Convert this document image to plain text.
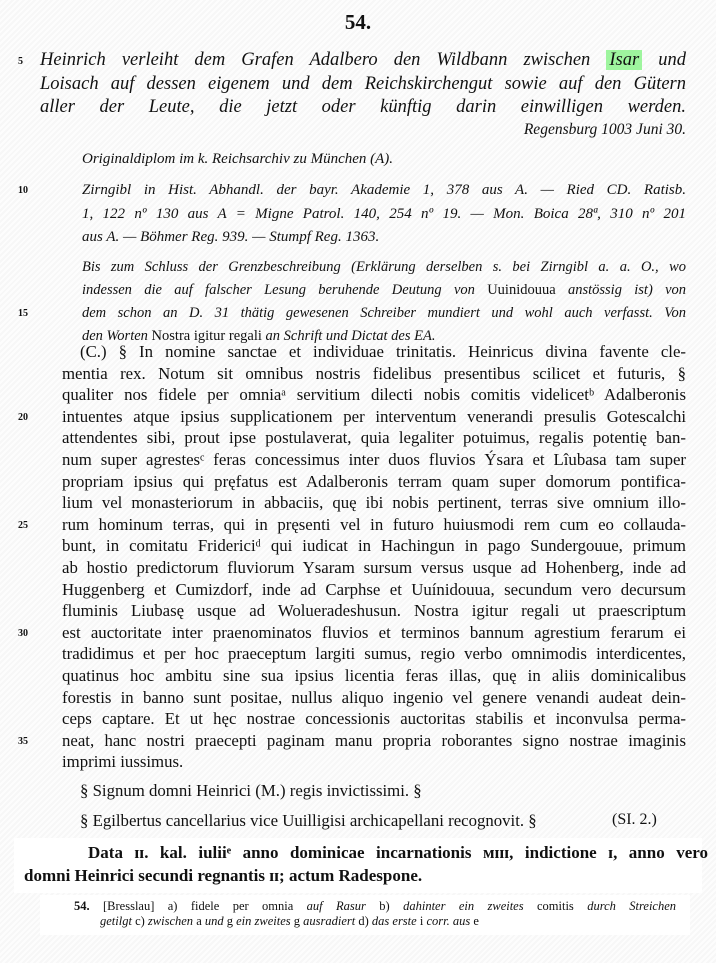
54.
Heinrich verleiht dem Grafen Adalbero den Wildbann zwischen Isar und
5
Loisach auf dessen eigenem und dem Reichskirchengut sowie auf den Gütern
aller der Leute, die jetzt oder künftig darin einwilligen werden.
Regensburg 1003 Juni 30.
Originaldiplom im k. Reichsarchiv zu München (A).
Zirngibl in Hist. Abhandl. der bayr. Akademie 1, 378 aus A. — Ried CD. Ratisb.
10
1, 122 nº 130 aus A = Migne Patrol. 140, 254 nº 19. — Mon. Boica 28ª, 310 nº 201
aus A. — Böhmer Reg. 939. — Stumpf Reg. 1363.
Bis zum Schluss der Grenzbeschreibung (Erklärung derselben s. bei Zirngibl a. a. O., wo
indessen die auf falscher Lesung beruhende Deutung von Uuinidouua anstössig ist) von
dem schon an D. 31 thätig gewesenen Schreiber mundiert und wohl auch verfasst. Von
15
den Worten Nostra igitur regali an Schrift und Dictat des EA.
(C.) § In nomine sanctae et individuae trinitatis. Heinricus divina favente cle-
mentia rex. Notum sit omnibus nostris fidelibus presentibus scilicet et futuris, §
qualiter nos fidele per omniaᵃ servitium dilecti nobis comitis videlicetᵇ Adalberonis
intuentes atque ipsius supplicationem per interventum venerandi presulis Gotescalchi
20
attendentes sibi, prout ipse postulaverat, quia legaliter potuimus, regalis potentię ban-
num super agrestesᶜ feras concessimus inter duos fluvios Ýsara et Lîubasa tam super
propriam ipsius qui pręfatus est Adalberonis terram quam super domorum pontifica-
lium vel monasteriorum in abbaciis, quę ibi nobis pertinent, terras sive omnium illo-
rum hominum terras, qui in pręsenti vel in futuro huiusmodi rem cum eo collauda-
25
bunt, in comitatu Fridericiᵈ qui iudicat in Hachingun in pago Sundergouue, primum
ab hostio predictorum fluviorum Ysaram sursum versus usque ad Hohenberg, inde ad
Huggenberg et Cumizdorf, inde ad Carphse et Uuínidouua, secundum vero decursum
fluminis Liubasę usque ad Wolueradeshusun. Nostra igitur regali ut praescriptum
est auctoritate inter praenominatos fluvios et terminos bannum agrestium ferarum ei
30
tradidimus et per hoc praeceptum largiti sumus, regio verbo omnimodis interdicentes,
quatinus hoc ambitu sine sua ipsius licentia feras illas, quę in aliis dominicalibus
forestis in banno sunt positae, nullus aliquo ingenio vel genere venandi audeat dein-
ceps captare. Et ut hęc nostrae concessionis auctoritas stabilis et inconvulsa perma-
neat, hanc nostri praecepti paginam manu propria roborantes signo nostrae imaginis
35
imprimi iussimus.
§ Signum domni Heinrici (M.) regis invictissimi. §
§ Egilbertus cancellarius vice Uuilligisi archicapellani recognovit. §	(SI. 2.)
Data ɪɪ. kal. iuliiᵉ anno dominicae incarnationis ᴍɪɪɪ, indictione ɪ, anno vero
domni Heinrici secundi regnantis ɪɪ; actum Radespone.
54. [Bresslau] a) fidele per omnia auf Rasur b) dahinter ein zweites comitis durch Streichen
getilgt c) zwischen a und g ein zweites g ausradiert d) das erste i corr. aus e
